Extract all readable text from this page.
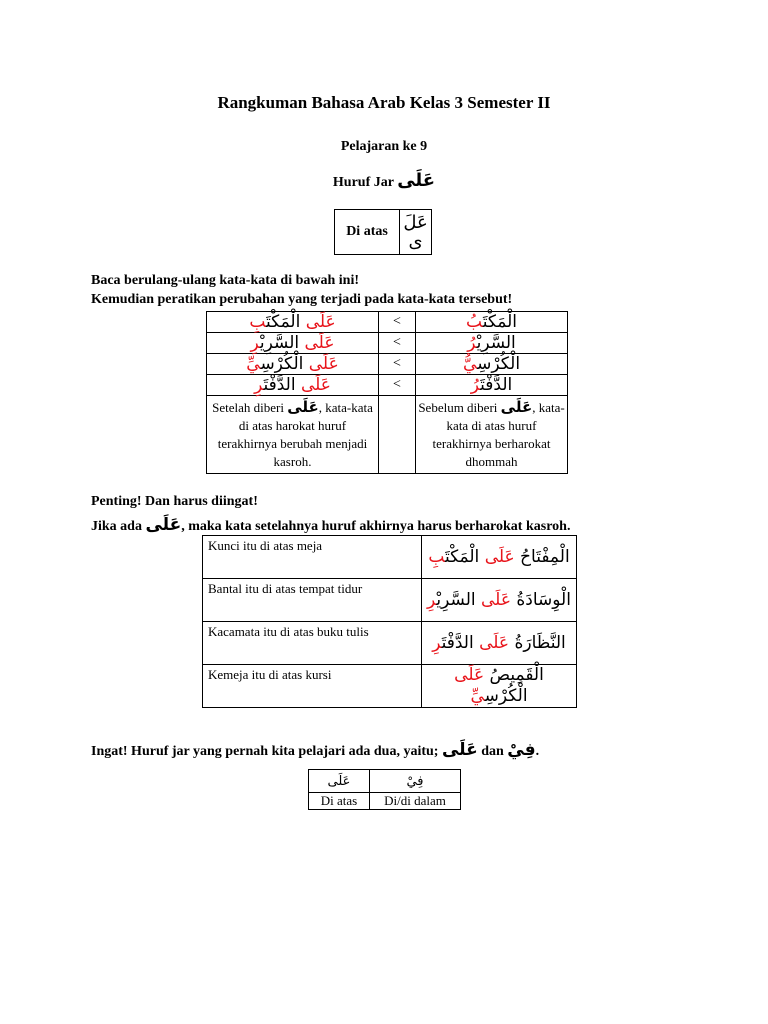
Rangkuman Bahasa Arab Kelas 3 Semester II
Pelajaran ke 9
Huruf Jar عَلَى
Di atas	عَلَ
ى
Baca berulang-ulang kata-kata di bawah ini!
Kemudian peratikan perubahan yang terjadi pada kata-kata tersebut!
عَلَى الْمَكْتَبِ	<	الْمَكْتَبُ
عَلَى السَّرِيْرِ	<	السَّرِيْرُ
عَلَى الْكُرْسِيِّ	<	الْكُرْسِيُّ
عَلَى الدَّفْتَرِ	<	الدَّفْتَرُ
Setelah diberi عَلَى, kata-kata di atas harokat huruf terakhirnya berubah menjadi kasroh.		Sebelum diberi عَلَى, kata-kata di atas huruf terakhirnya berharokat dhommah
Penting! Dan harus diingat!
Jika ada عَلَى, maka kata setelahnya huruf akhirnya harus berharokat kasroh.
Kunci itu di atas meja	الْمِفْتَاحُ عَلَى الْمَكْتَبِ
Bantal itu di atas tempat tidur	الْوِسَادَةُ عَلَى السَّرِيْرِ
Kacamata itu di atas buku tulis	النَّظَارَةُ عَلَى الدَّفْتَرِ
Kemeja itu di atas kursi	الْقَمِيصُ عَلَى الْكُرْسِيِّ
Ingat! Huruf jar yang pernah kita pelajari ada dua, yaitu; عَلَى dan فِيْ.
عَلَى	فِيْ
Di atas	Di/di dalam
